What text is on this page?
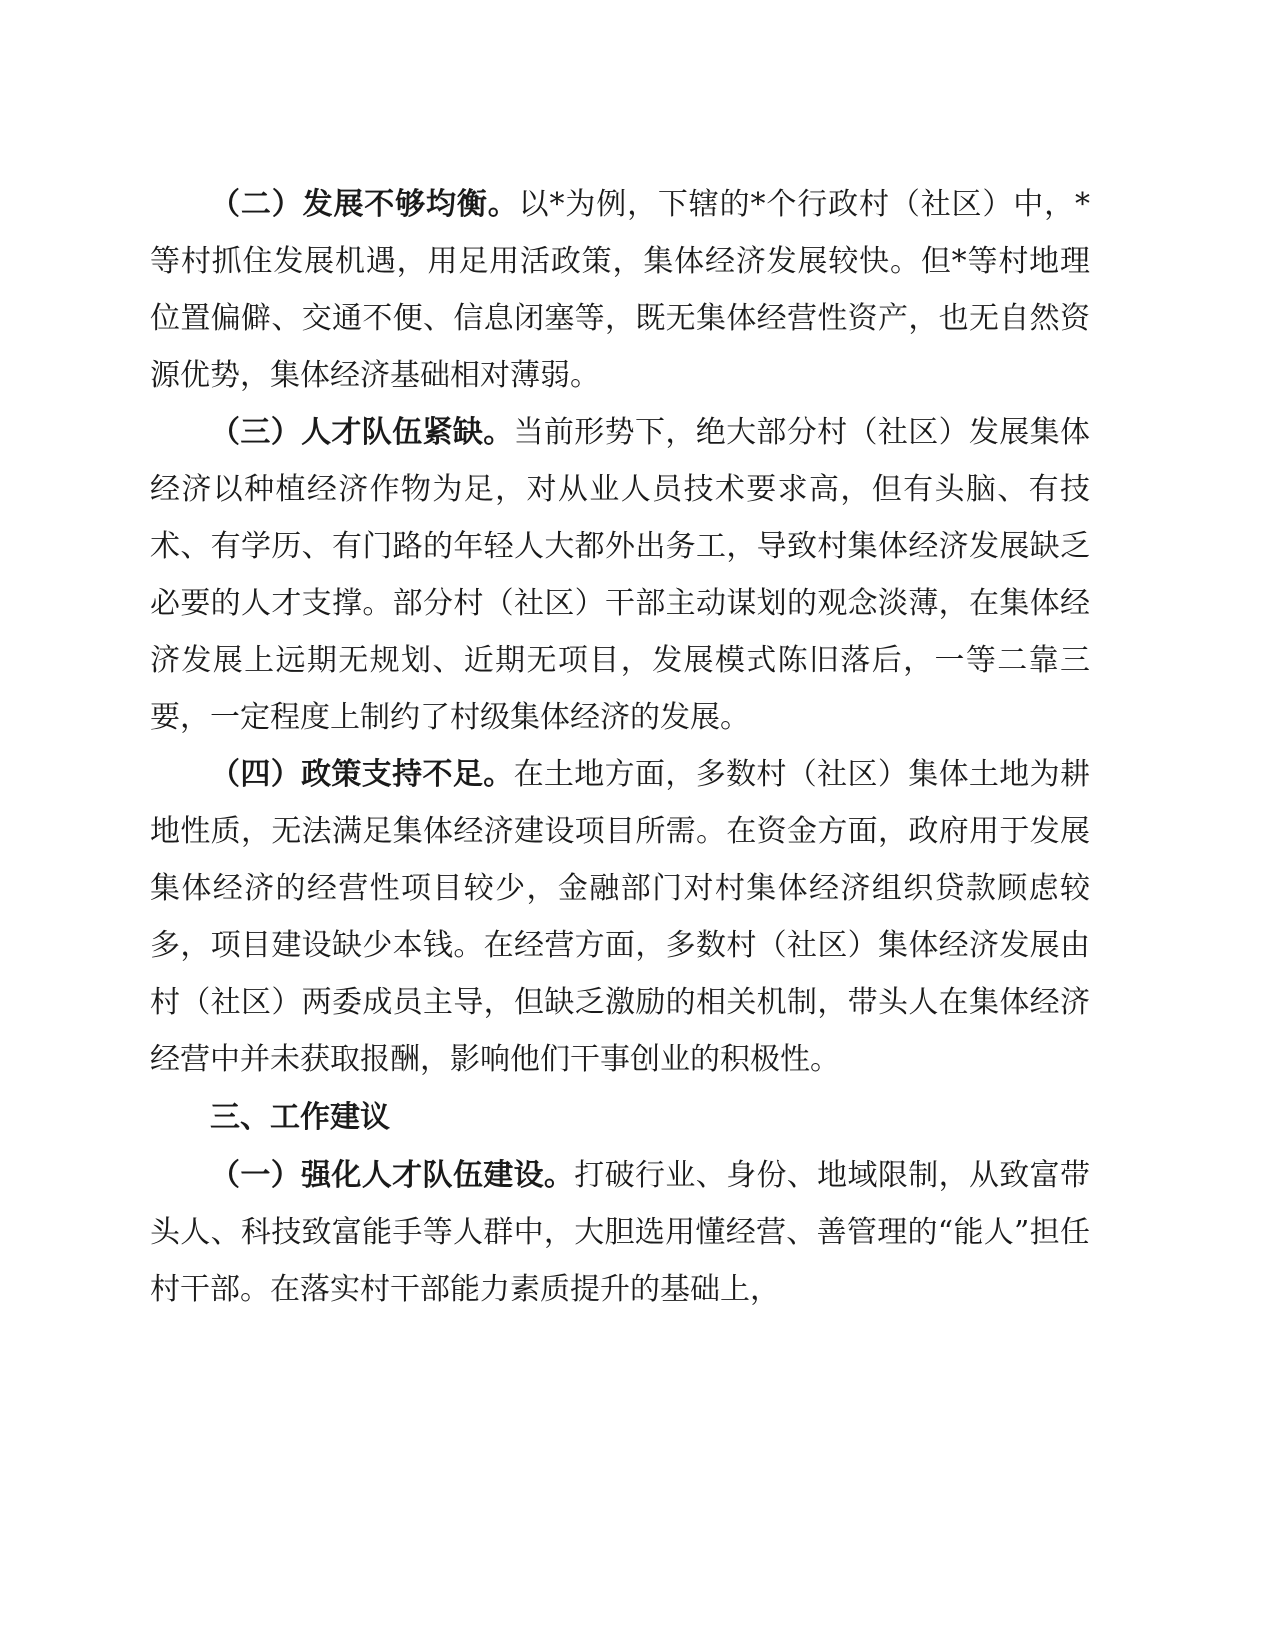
（二）发展不够均衡。以*为例，下辖的*个行政村（社区）中，*等村抓住发展机遇，用足用活政策，集体经济发展较快。但*等村地理位置偏僻、交通不便、信息闭塞等，既无集体经营性资产，也无自然资源优势，集体经济基础相对薄弱。

（三）人才队伍紧缺。当前形势下，绝大部分村（社区）发展集体经济以种植经济作物为足，对从业人员技术要求高，但有头脑、有技术、有学历、有门路的年轻人大都外出务工，导致村集体经济发展缺乏必要的人才支撑。部分村（社区）干部主动谋划的观念淡薄，在集体经济发展上远期无规划、近期无项目，发展模式陈旧落后，一等二靠三要，一定程度上制约了村级集体经济的发展。

（四）政策支持不足。在土地方面，多数村（社区）集体土地为耕地性质，无法满足集体经济建设项目所需。在资金方面，政府用于发展集体经济的经营性项目较少，金融部门对村集体经济组织贷款顾虑较多，项目建设缺少本钱。在经营方面，多数村（社区）集体经济发展由村（社区）两委成员主导，但缺乏激励的相关机制，带头人在集体经济经营中并未获取报酬，影响他们干事创业的积极性。

三、工作建议

（一）强化人才队伍建设。打破行业、身份、地域限制，从致富带头人、科技致富能手等人群中，大胆选用懂经营、善管理的“能人”担任村干部。在落实村干部能力素质提升的基础上，
